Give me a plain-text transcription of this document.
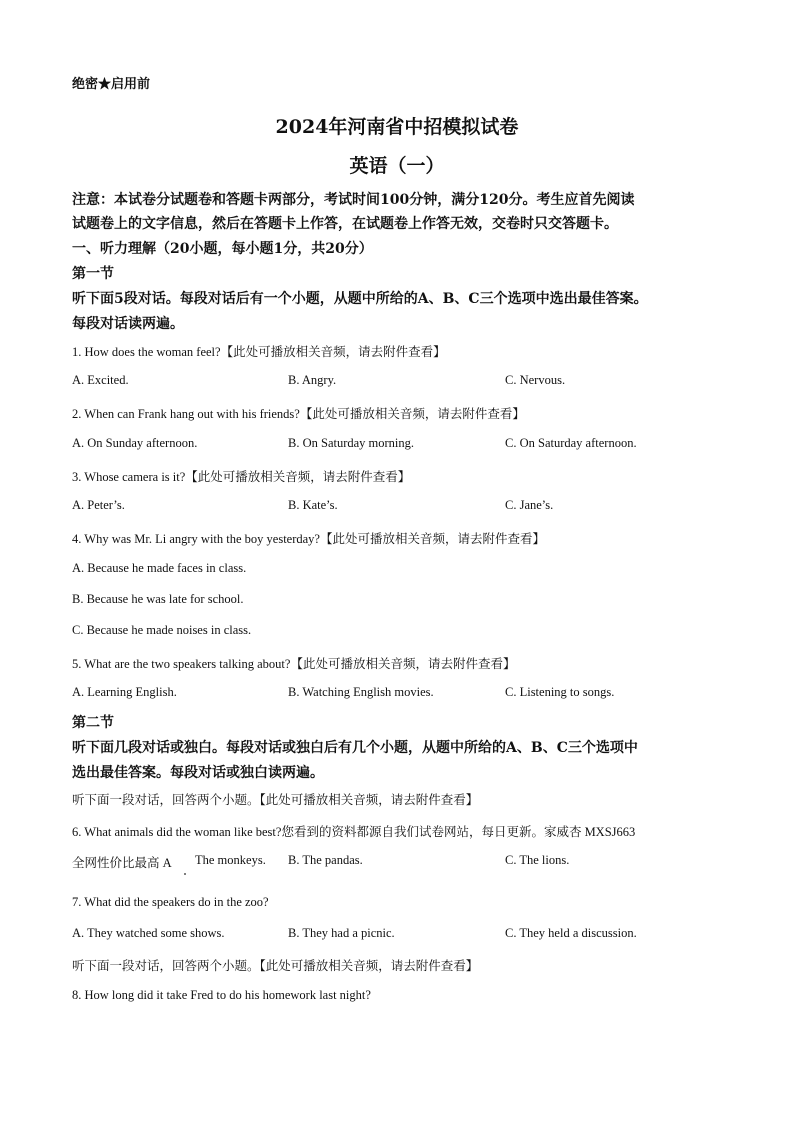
绝密★启用前
2024年河南省中招模拟试卷
英语（一）
注意：本试卷分试题卷和答题卡两部分，考试时间100分钟，满分120分。考生应首先阅读
试题卷上的文字信息，然后在答题卡上作答，在试题卷上作答无效，交卷时只交答题卡。
一、听力理解（20小题，每小题1分，共20分）
第一节
听下面5段对话。每段对话后有一个小题，从题中所给的A、B、C三个选项中选出最佳答案。
每段对话读两遍。
1. How does the woman feel?【此处可播放相关音频，请去附件查看】
A. Excited.	B. Angry.	C. Nervous.
2. When can Frank hang out with his friends?【此处可播放相关音频，请去附件查看】
A. On Sunday afternoon.	B. On Saturday morning.	C. On Saturday afternoon.
3. Whose camera is it?【此处可播放相关音频，请去附件查看】
A. Peter’s.	B. Kate’s.	C. Jane’s.
4. Why was Mr. Li angry with the boy yesterday?【此处可播放相关音频，请去附件查看】
A. Because he made faces in class.
B. Because he was late for school.
C. Because he made noises in class.
5. What are the two speakers talking about?【此处可播放相关音频，请去附件查看】
A. Learning English.	B. Watching English movies.	C. Listening to songs.
第二节
听下面几段对话或独白。每段对话或独白后有几个小题，从题中所给的A、B、C三个选项中
选出最佳答案。每段对话或独白读两遍。
听下面一段对话，回答两个小题。【此处可播放相关音频，请去附件查看】
6. What animals did the woman like best?您看到的资料都源自我们试卷网站，每日更新。家威杏 MXSJ663
全网性价比最高 A The monkeys. B. The pandas.	C. The lions.
7. What did the speakers do in the zoo?
A. They watched some shows.	B. They had a picnic.	C. They held a discussion.
听下面一段对话，回答两个小题。【此处可播放相关音频，请去附件查看】
8. How long did it take Fred to do his homework last night?
